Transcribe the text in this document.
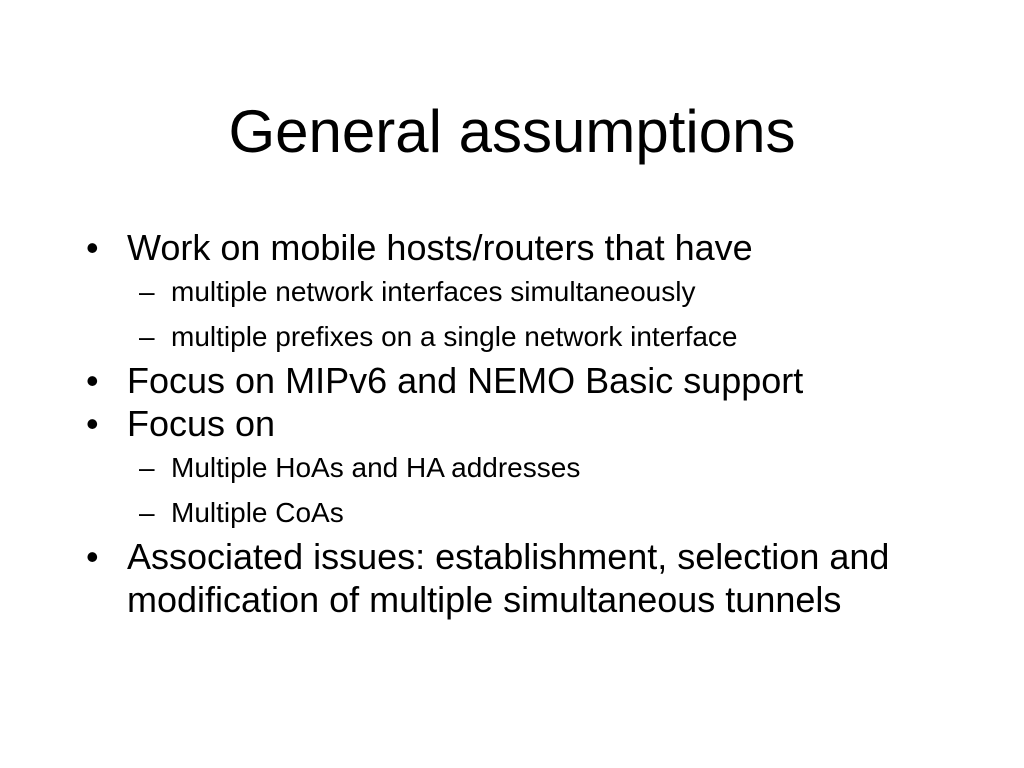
General assumptions
• Work on mobile hosts/routers that have
– multiple network interfaces simultaneously
– multiple prefixes on a single network interface
• Focus on MIPv6 and NEMO Basic support
• Focus on
– Multiple HoAs and HA addresses
– Multiple CoAs
• Associated issues: establishment, selection and modification of multiple simultaneous tunnels
